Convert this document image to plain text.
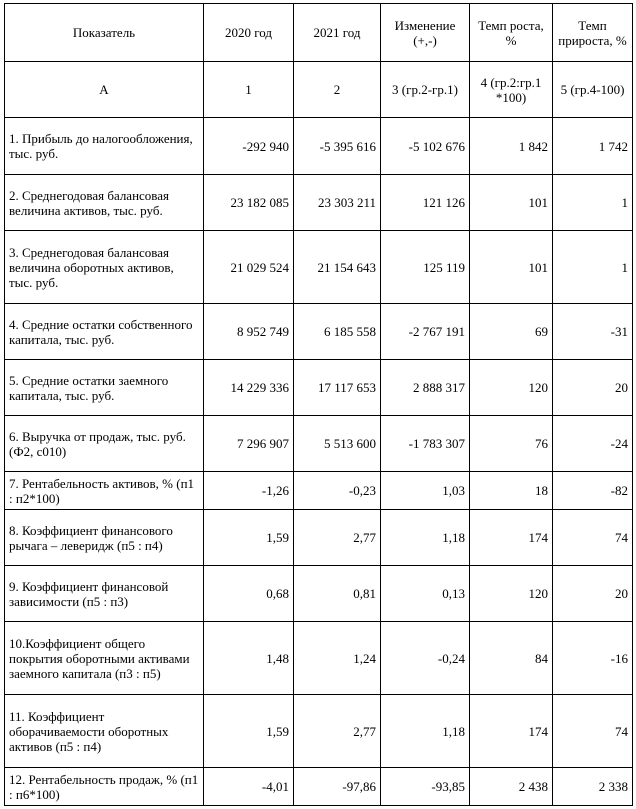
Показатель	2020 год	2021 год	Изменение (+,-)	Темп роста, %	Темп прироста, %
А	1	2	3 (гр.2-гр.1)	4 (гр.2:гр.1 *100)	5 (гр.4-100)
1. Прибыль до налогообложения, тыс. руб.	-292 940	-5 395 616	-5 102 676	1 842	1 742
2. Среднегодовая балансовая величина активов, тыс. руб.	23 182 085	23 303 211	121 126	101	1
3. Среднегодовая балансовая величина оборотных активов, тыс. руб.	21 029 524	21 154 643	125 119	101	1
4. Средние остатки собственного капитала, тыс. руб.	8 952 749	6 185 558	-2 767 191	69	-31
5. Средние остатки заемного капитала, тыс. руб.	14 229 336	17 117 653	2 888 317	120	20
6. Выручка от продаж, тыс. руб. (Ф2, с010)	7 296 907	5 513 600	-1 783 307	76	-24
7. Рентабельность активов, % (п1 : п2*100)	-1,26	-0,23	1,03	18	-82
8. Коэффициент финансового рычага – леверидж (п5 : п4)	1,59	2,77	1,18	174	74
9. Коэффициент финансовой зависимости (п5 : п3)	0,68	0,81	0,13	120	20
10.Коэффициент общего покрытия оборотными активами заемного капитала (п3 : п5)	1,48	1,24	-0,24	84	-16
11. Коэффициент оборачиваемости оборотных активов (п5 : п4)	1,59	2,77	1,18	174	74
12. Рентабельность продаж, % (п1 : п6*100)	-4,01	-97,86	-93,85	2 438	2 338
